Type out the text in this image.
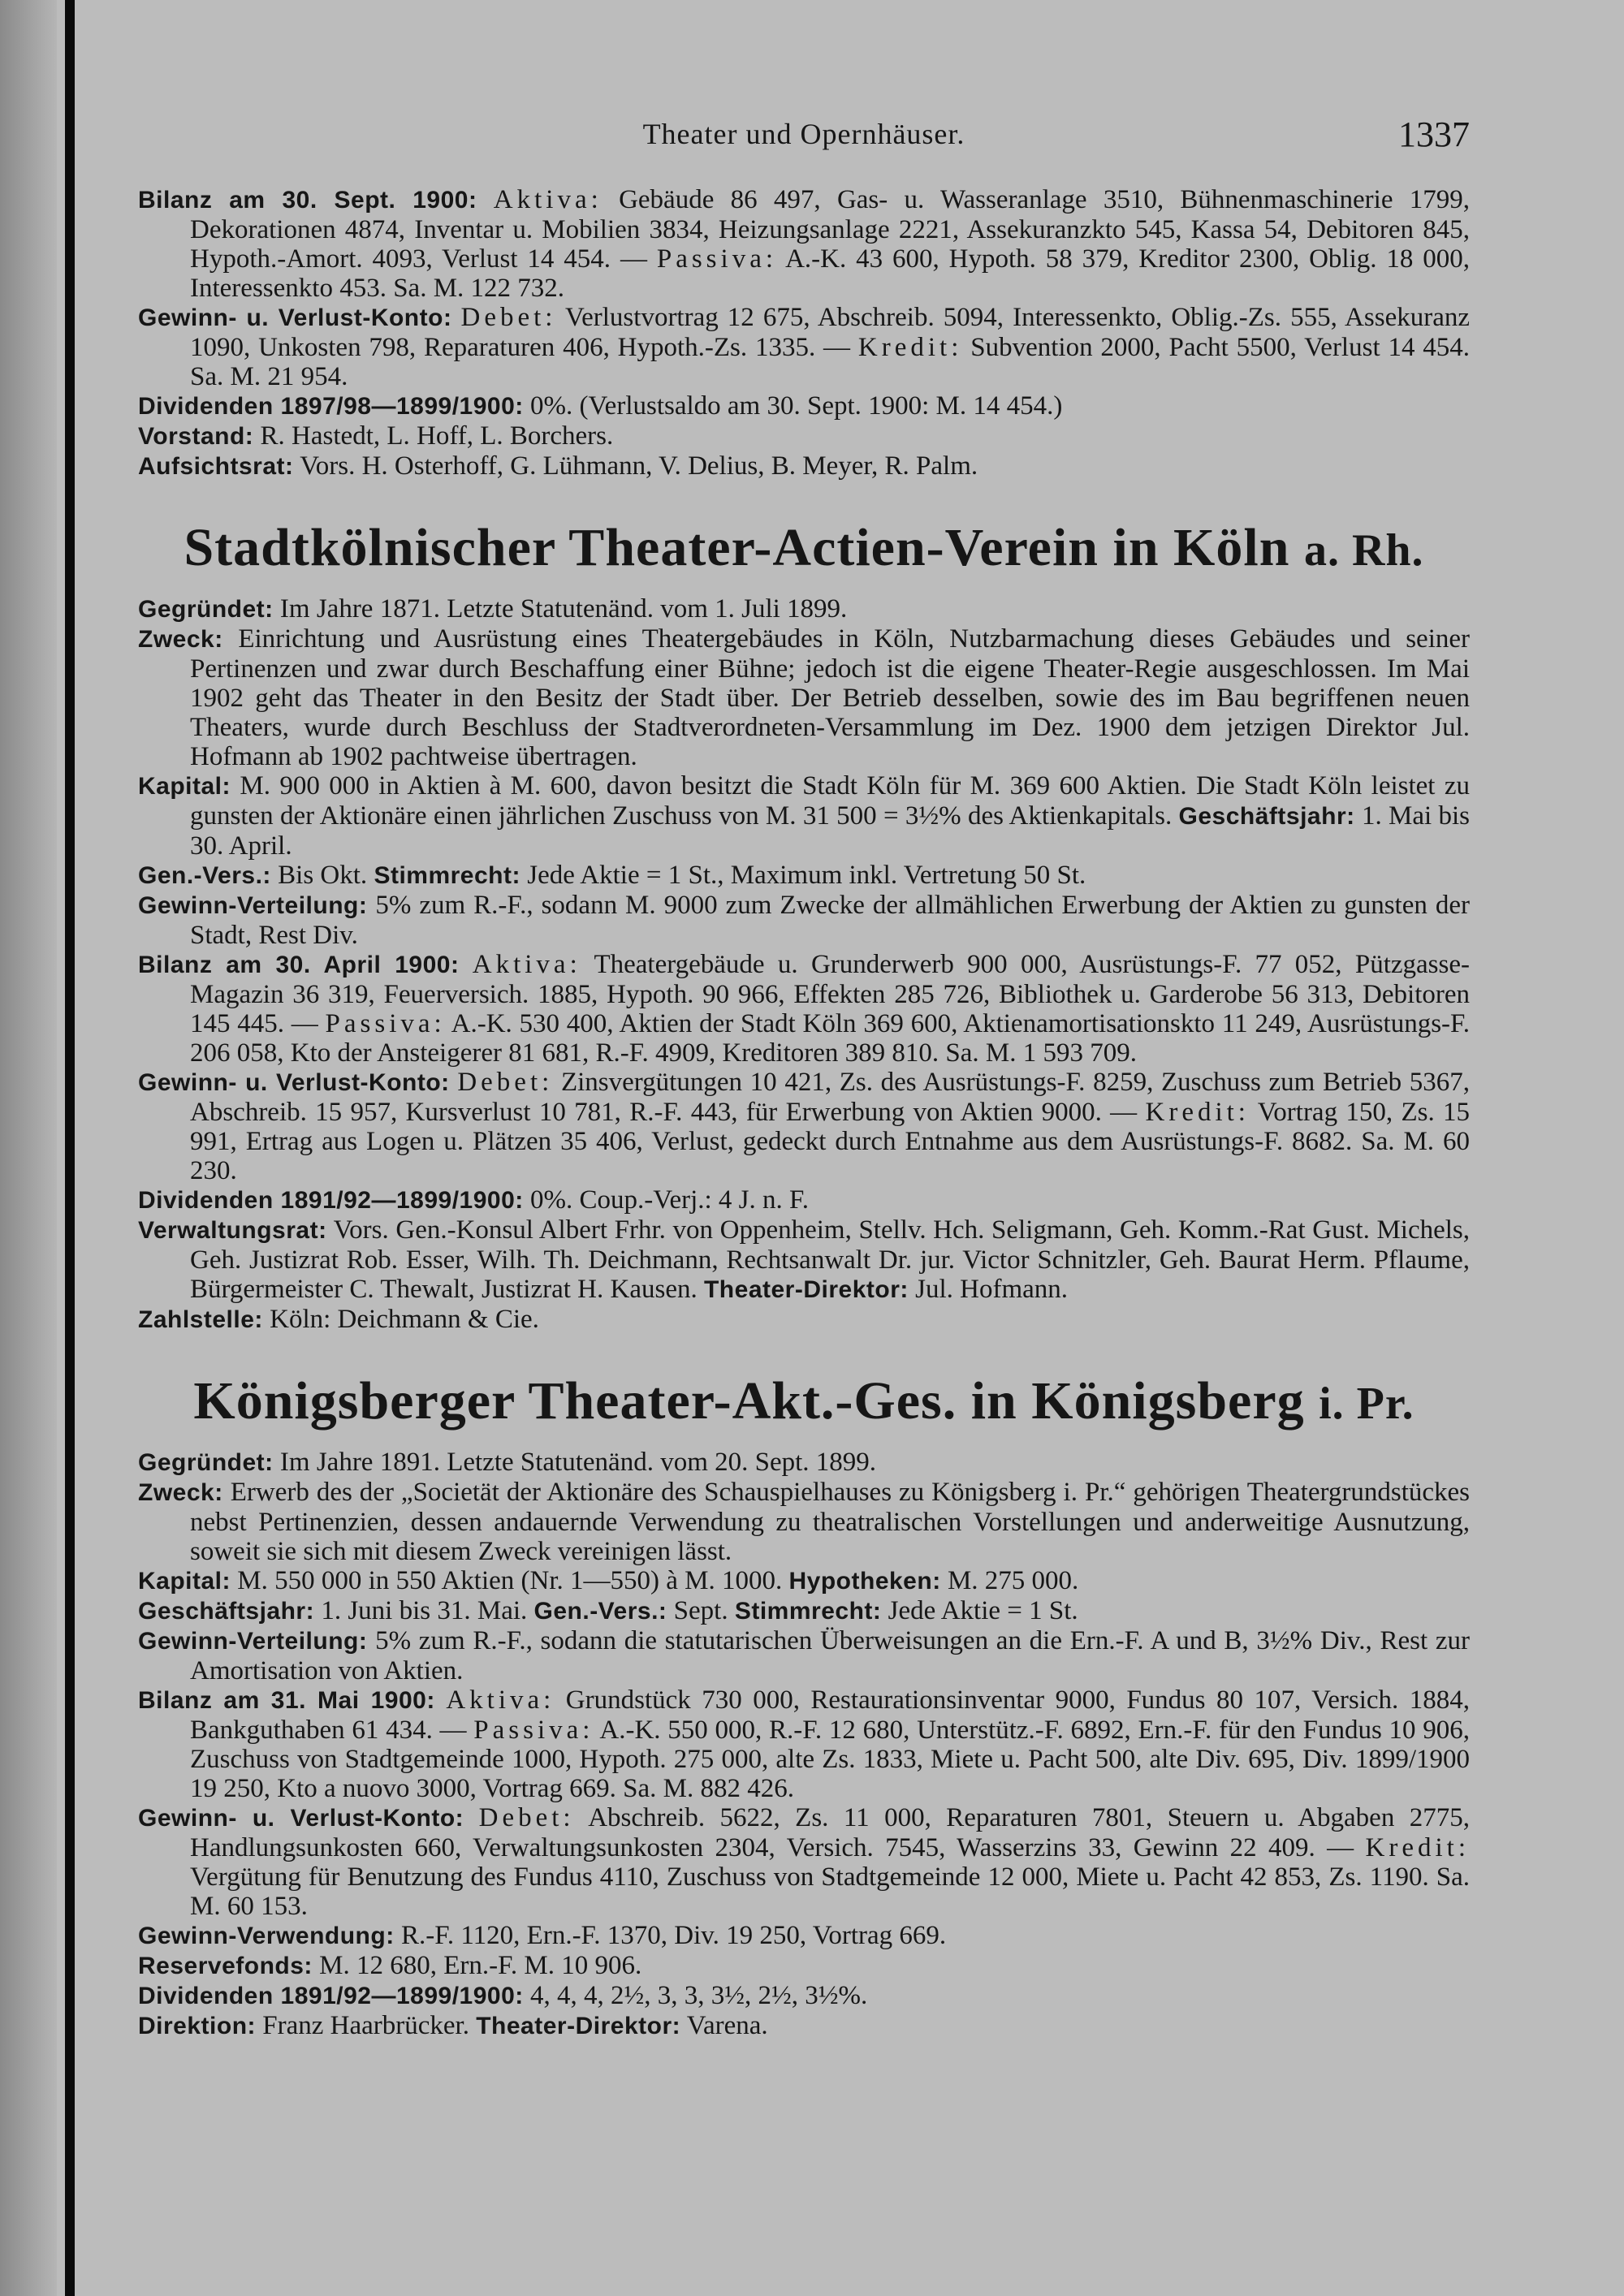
Theater und Opernhäuser.	1337

Bilanz am 30. Sept. 1900: Aktiva: Gebäude 86 497, Gas- u. Wasseranlage 3510, Bühnenmaschinerie 1799, Dekorationen 4874, Inventar u. Mobilien 3834, Heizungsanlage 2221, Assekuranzkto 545, Kassa 54, Debitoren 845, Hypoth.-Amort. 4093, Verlust 14 454. — Passiva: A.-K. 43 600, Hypoth. 58 379, Kreditor 2300, Oblig. 18 000, Interessenkto 453. Sa. M. 122 732.

Gewinn- u. Verlust-Konto: Debet: Verlustvortrag 12 675, Abschreib. 5094, Interessenkto, Oblig.-Zs. 555, Assekuranz 1090, Unkosten 798, Reparaturen 406, Hypoth.-Zs. 1335. — Kredit: Subvention 2000, Pacht 5500, Verlust 14 454. Sa. M. 21 954.

Dividenden 1897/98—1899/1900: 0%. (Verlustsaldo am 30. Sept. 1900: M. 14 454.)

Vorstand: R. Hastedt, L. Hoff, L. Borchers.

Aufsichtsrat: Vors. H. Osterhoff, G. Lühmann, V. Delius, B. Meyer, R. Palm.

Stadtkölnischer Theater-Actien-Verein in Köln a. Rh.

Gegründet: Im Jahre 1871. Letzte Statutenänd. vom 1. Juli 1899.

Zweck: Einrichtung und Ausrüstung eines Theatergebäudes in Köln, Nutzbarmachung dieses Gebäudes und seiner Pertinenzen und zwar durch Beschaffung einer Bühne; jedoch ist die eigene Theater-Regie ausgeschlossen. Im Mai 1902 geht das Theater in den Besitz der Stadt über. Der Betrieb desselben, sowie des im Bau begriffenen neuen Theaters, wurde durch Beschluss der Stadtverordneten-Versammlung im Dez. 1900 dem jetzigen Direktor Jul. Hofmann ab 1902 pachtweise übertragen.

Kapital: M. 900 000 in Aktien à M. 600, davon besitzt die Stadt Köln für M. 369 600 Aktien. Die Stadt Köln leistet zu gunsten der Aktionäre einen jährlichen Zuschuss von M. 31 500 = 3½% des Aktienkapitals. Geschäftsjahr: 1. Mai bis 30. April.

Gen.-Vers.: Bis Okt. Stimmrecht: Jede Aktie = 1 St., Maximum inkl. Vertretung 50 St.

Gewinn-Verteilung: 5% zum R.-F., sodann M. 9000 zum Zwecke der allmählichen Erwerbung der Aktien zu gunsten der Stadt, Rest Div.

Bilanz am 30. April 1900: Aktiva: Theatergebäude u. Grunderwerb 900 000, Ausrüstungs-F. 77 052, Pützgasse-Magazin 36 319, Feuerversich. 1885, Hypoth. 90 966, Effekten 285 726, Bibliothek u. Garderobe 56 313, Debitoren 145 445. — Passiva: A.-K. 530 400, Aktien der Stadt Köln 369 600, Aktienamortisationskto 11 249, Ausrüstungs-F. 206 058, Kto der Ansteigerer 81 681, R.-F. 4909, Kreditoren 389 810. Sa. M. 1 593 709.

Gewinn- u. Verlust-Konto: Debet: Zinsvergütungen 10 421, Zs. des Ausrüstungs-F. 8259, Zuschuss zum Betrieb 5367, Abschreib. 15 957, Kursverlust 10 781, R.-F. 443, für Erwerbung von Aktien 9000. — Kredit: Vortrag 150, Zs. 15 991, Ertrag aus Logen u. Plätzen 35 406, Verlust, gedeckt durch Entnahme aus dem Ausrüstungs-F. 8682. Sa. M. 60 230.

Dividenden 1891/92—1899/1900: 0%. Coup.-Verj.: 4 J. n. F.

Verwaltungsrat: Vors. Gen.-Konsul Albert Frhr. von Oppenheim, Stellv. Hch. Seligmann, Geh. Komm.-Rat Gust. Michels, Geh. Justizrat Rob. Esser, Wilh. Th. Deichmann, Rechtsanwalt Dr. jur. Victor Schnitzler, Geh. Baurat Herm. Pflaume, Bürgermeister C. Thewalt, Justizrat H. Kausen. Theater-Direktor: Jul. Hofmann.

Zahlstelle: Köln: Deichmann & Cie.

Königsberger Theater-Akt.-Ges. in Königsberg i. Pr.

Gegründet: Im Jahre 1891. Letzte Statutenänd. vom 20. Sept. 1899.

Zweck: Erwerb des der „Societät der Aktionäre des Schauspielhauses zu Königsberg i. Pr.“ gehörigen Theatergrundstückes nebst Pertinenzien, dessen andauernde Verwendung zu theatralischen Vorstellungen und anderweitige Ausnutzung, soweit sie sich mit diesem Zweck vereinigen lässt.

Kapital: M. 550 000 in 550 Aktien (Nr. 1—550) à M. 1000. Hypotheken: M. 275 000.

Geschäftsjahr: 1. Juni bis 31. Mai. Gen.-Vers.: Sept. Stimmrecht: Jede Aktie = 1 St.

Gewinn-Verteilung: 5% zum R.-F., sodann die statutarischen Überweisungen an die Ern.-F. A und B, 3½% Div., Rest zur Amortisation von Aktien.

Bilanz am 31. Mai 1900: Aktiva: Grundstück 730 000, Restaurationsinventar 9000, Fundus 80 107, Versich. 1884, Bankguthaben 61 434. — Passiva: A.-K. 550 000, R.-F. 12 680, Unterstütz.-F. 6892, Ern.-F. für den Fundus 10 906, Zuschuss von Stadtgemeinde 1000, Hypoth. 275 000, alte Zs. 1833, Miete u. Pacht 500, alte Div. 695, Div. 1899/1900 19 250, Kto a nuovo 3000, Vortrag 669. Sa. M. 882 426.

Gewinn- u. Verlust-Konto: Debet: Abschreib. 5622, Zs. 11 000, Reparaturen 7801, Steuern u. Abgaben 2775, Handlungsunkosten 660, Verwaltungsunkosten 2304, Versich. 7545, Wasserzins 33, Gewinn 22 409. — Kredit: Vergütung für Benutzung des Fundus 4110, Zuschuss von Stadtgemeinde 12 000, Miete u. Pacht 42 853, Zs. 1190. Sa. M. 60 153.

Gewinn-Verwendung: R.-F. 1120, Ern.-F. 1370, Div. 19 250, Vortrag 669.

Reservefonds: M. 12 680, Ern.-F. M. 10 906.

Dividenden 1891/92—1899/1900: 4, 4, 4, 2½, 3, 3, 3½, 2½, 3½%.

Direktion: Franz Haarbrücker. Theater-Direktor: Varena.
